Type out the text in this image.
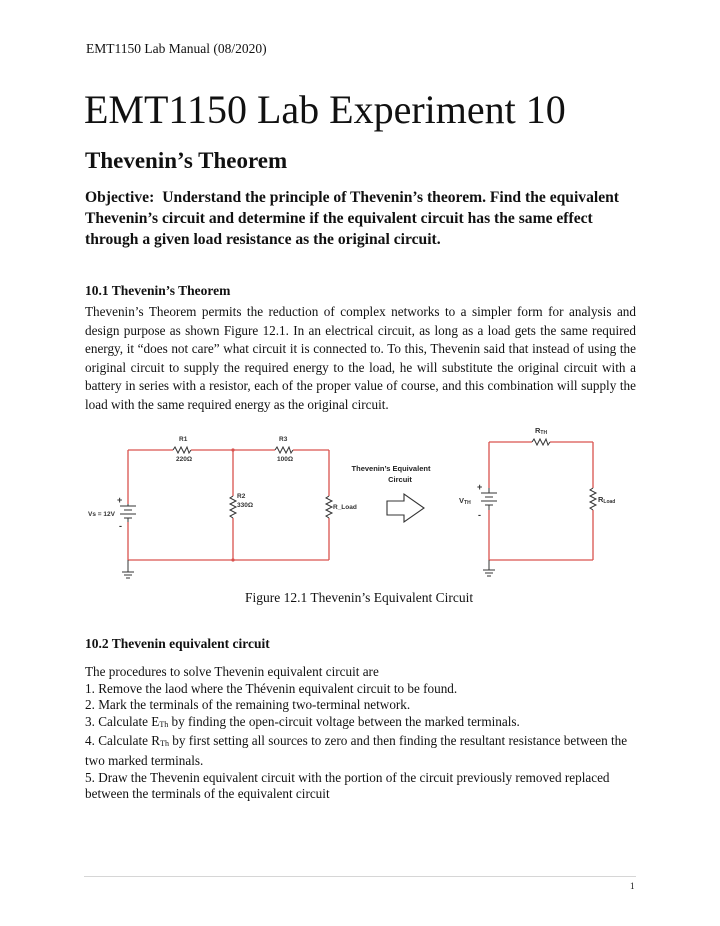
EMT1150 Lab Manual (08/2020)
EMT1150 Lab Experiment 10
Thevenin’s Theorem
Objective: Understand the principle of Thevenin’s theorem. Find the equivalent Thevenin’s circuit and determine if the equivalent circuit has the same effect through a given load resistance as the original circuit.
10.1 Thevenin’s Theorem
Thevenin’s Theorem permits the reduction of complex networks to a simpler form for analysis and design purpose as shown Figure 12.1. In an electrical circuit, as long as a load gets the same required energy, it “does not care” what circuit it is connected to. To this, Thevenin said that instead of using the original circuit to supply the required energy to the load, he will substitute the original circuit with a battery in series with a resistor, each of the proper value of course, and this combination will supply the load with the same required energy as the original circuit.
R1
220Ω
R3
100Ω
R2
330Ω	R_Load
Vs = 12V
+
-
Thevenin’s Equivalent
Circuit
RTH
VTH
+
-
RLoad
Figure 12.1 Thevenin’s Equivalent Circuit
10.2 Thevenin equivalent circuit
The procedures to solve Thevenin equivalent circuit are
1. Remove the laod where the Thévenin equivalent circuit to be found.
2. Mark the terminals of the remaining two-terminal network.
3. Calculate $E_{Th}$ by finding the open-circuit voltage between the marked terminals.
4. Calculate $R_{Th}$ by first setting all sources to zero and then finding the resultant resistance between the two marked terminals.
5. Draw the Thevenin equivalent circuit with the portion of the circuit previously removed replaced between the terminals of the equivalent circuit
1
